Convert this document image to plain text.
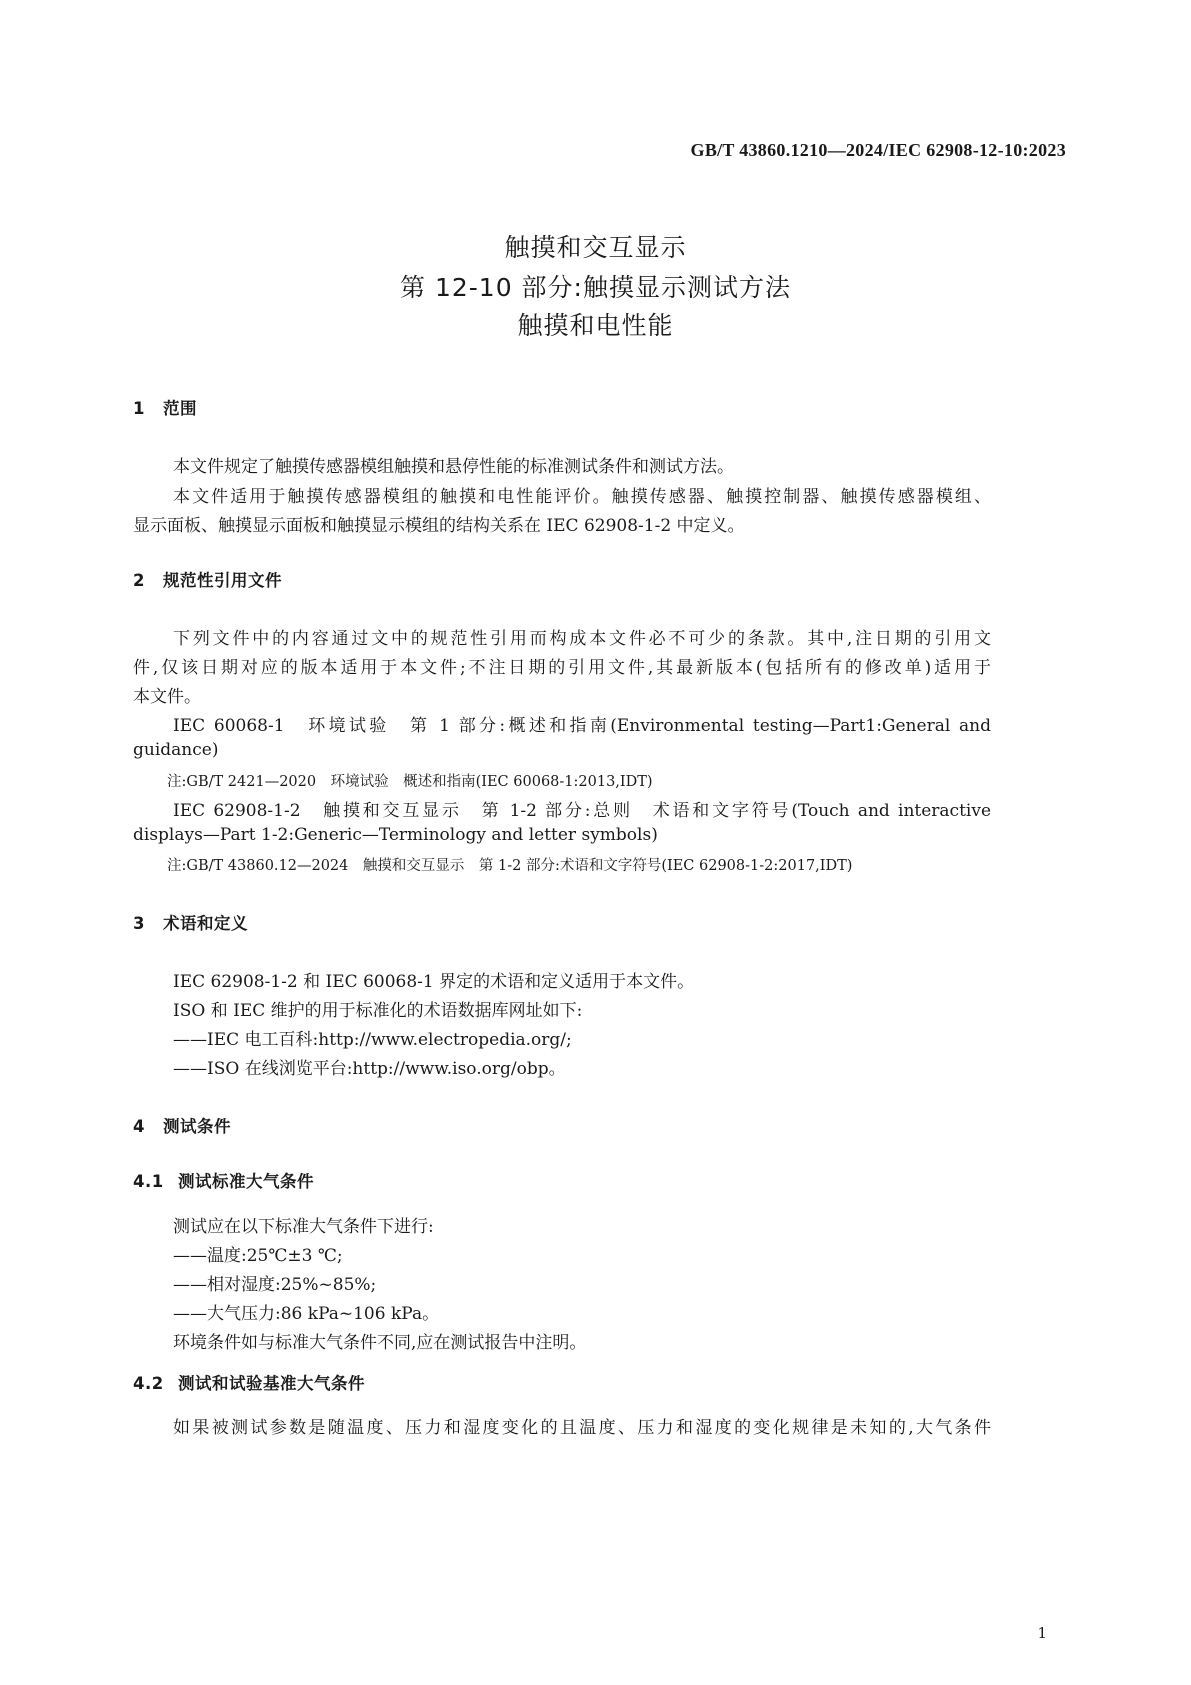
GB/T 43860.1210—2024/IEC 62908-12-10:2023
触摸和交互显示
第 12-10 部分:触摸显示测试方法
触摸和电性能
1 范围
本文件规定了触摸传感器模组触摸和悬停性能的标准测试条件和测试方法。
本文件适用于触摸传感器模组的触摸和电性能评价。触摸传感器、触摸控制器、触摸传感器模组、
显示面板、触摸显示面板和触摸显示模组的结构关系在 IEC 62908-1-2 中定义。
2 规范性引用文件
下列文件中的内容通过文中的规范性引用而构成本文件必不可少的条款。其中,注日期的引用文
件,仅该日期对应的版本适用于本文件;不注日期的引用文件,其最新版本(包括所有的修改单)适用于
本文件。
IEC 60068-1　环境试验　第 1 部分:概述和指南(Environmental testing—Part1:General and
guidance)
注:GB/T 2421—2020　环境试验　概述和指南(IEC 60068-1:2013,IDT)
IEC 62908-1-2　触摸和交互显示　第 1-2 部分:总则　术语和文字符号(Touch and interactive
displays—Part 1-2:Generic—Terminology and letter symbols)
注:GB/T 43860.12—2024　触摸和交互显示　第 1-2 部分:术语和文字符号(IEC 62908-1-2:2017,IDT)
3 术语和定义
IEC 62908-1-2 和 IEC 60068-1 界定的术语和定义适用于本文件。
ISO 和 IEC 维护的用于标准化的术语数据库网址如下:
——IEC 电工百科:http://www.electropedia.org/;
——ISO 在线浏览平台:http://www.iso.org/obp。
4 测试条件
4.1 测试标准大气条件
测试应在以下标准大气条件下进行:
——温度:25℃±3 ℃;
——相对湿度:25%~85%;
——大气压力:86 kPa~106 kPa。
环境条件如与标准大气条件不同,应在测试报告中注明。
4.2 测试和试验基准大气条件
如果被测试参数是随温度、压力和湿度变化的且温度、压力和湿度的变化规律是未知的,大气条件
1
